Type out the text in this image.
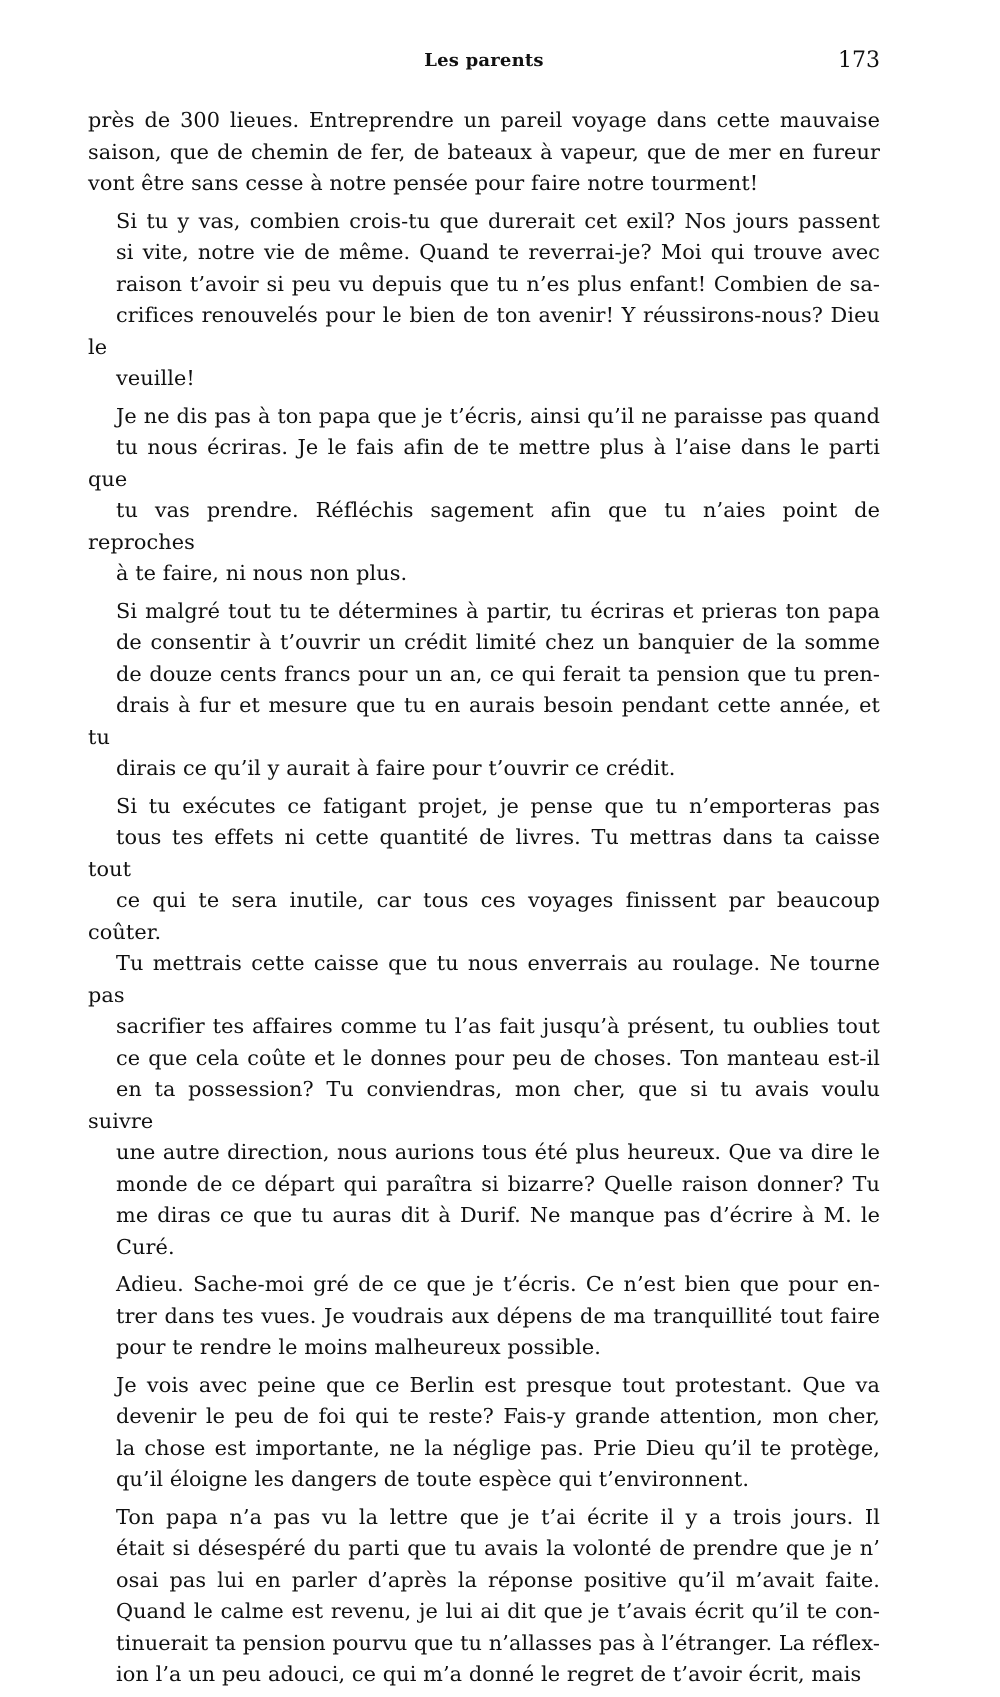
Les parents	173

près de 300 lieues. Entreprendre un pareil voyage dans cette mauvaise
saison, que de chemin de fer, de bateaux à vapeur, que de mer en fureur
vont être sans cesse à notre pensée pour faire notre tourment!

Si tu y vas, combien crois-tu que durerait cet exil? Nos jours passent
si vite, notre vie de même. Quand te reverrai-je? Moi qui trouve avec
raison t’avoir si peu vu depuis que tu n’es plus enfant! Combien de sa-
crifices renouvelés pour le bien de ton avenir! Y réussirons-nous? Dieu le
veuille!

Je ne dis pas à ton papa que je t’écris, ainsi qu’il ne paraisse pas quand
tu nous écriras. Je le fais afin de te mettre plus à l’aise dans le parti que
tu vas prendre. Réfléchis sagement afin que tu n’aies point de reproches
à te faire, ni nous non plus.

Si malgré tout tu te détermines à partir, tu écriras et prieras ton papa
de consentir à t’ouvrir un crédit limité chez un banquier de la somme
de douze cents francs pour un an, ce qui ferait ta pension que tu pren-
drais à fur et mesure que tu en aurais besoin pendant cette année, et tu
dirais ce qu’il y aurait à faire pour t’ouvrir ce crédit.

Si tu exécutes ce fatigant projet, je pense que tu n’emporteras pas
tous tes effets ni cette quantité de livres. Tu mettras dans ta caisse tout
ce qui te sera inutile, car tous ces voyages finissent par beaucoup coûter.
Tu mettrais cette caisse que tu nous enverrais au roulage. Ne tourne pas
sacrifier tes affaires comme tu l’as fait jusqu’à présent, tu oublies tout
ce que cela coûte et le donnes pour peu de choses. Ton manteau est-il
en ta possession? Tu conviendras, mon cher, que si tu avais voulu suivre
une autre direction, nous aurions tous été plus heureux. Que va dire le
monde de ce départ qui paraîtra si bizarre? Quelle raison donner? Tu
me diras ce que tu auras dit à Durif. Ne manque pas d’écrire à M. le
Curé.

Adieu. Sache-moi gré de ce que je t’écris. Ce n’est bien que pour en-
trer dans tes vues. Je voudrais aux dépens de ma tranquillité tout faire
pour te rendre le moins malheureux possible.

Je vois avec peine que ce Berlin est presque tout protestant. Que va
devenir le peu de foi qui te reste? Fais-y grande attention, mon cher,
la chose est importante, ne la néglige pas. Prie Dieu qu’il te protège,
qu’il éloigne les dangers de toute espèce qui t’environnent.

Ton papa n’a pas vu la lettre que je t’ai écrite il y a trois jours. Il
était si désespéré du parti que tu avais la volonté de prendre que je n’
osai pas lui en parler d’après la réponse positive qu’il m’avait faite.
Quand le calme est revenu, je lui ai dit que je t’avais écrit qu’il te con-
tinuerait ta pension pourvu que tu n’allasses pas à l’étranger. La réflex-
ion l’a un peu adouci, ce qui m’a donné le regret de t’avoir écrit, mais
